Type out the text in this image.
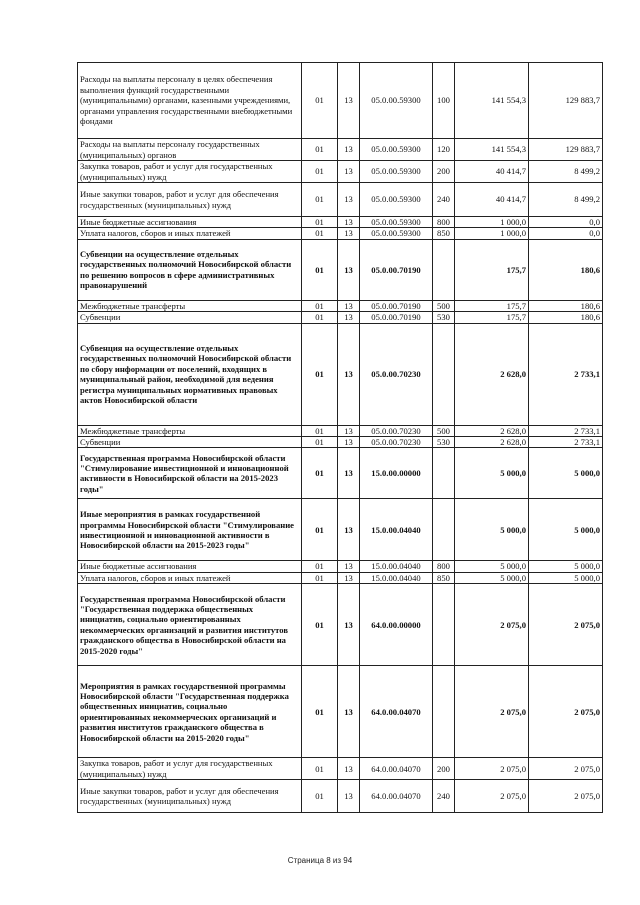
Расходы на выплаты персоналу в целях обеспечения выполнения функций государственными (муниципальными) органами, казенными учреждениями, органами управления государственными внебюджетными фондами	01	13	05.0.00.59300	100	141 554,3	129 883,7
Расходы на выплаты персоналу государственных (муниципальных) органов	01	13	05.0.00.59300	120	141 554,3	129 883,7
Закупка товаров, работ и услуг для государственных (муниципальных) нужд	01	13	05.0.00.59300	200	40 414,7	8 499,2
Иные закупки товаров, работ и услуг для обеспечения государственных (муниципальных) нужд	01	13	05.0.00.59300	240	40 414,7	8 499,2
Иные бюджетные ассигнования	01	13	05.0.00.59300	800	1 000,0	0,0
Уплата налогов, сборов и иных платежей	01	13	05.0.00.59300	850	1 000,0	0,0
Субвенции на осуществление отдельных государственных полномочий Новосибирской области по решению вопросов в сфере административных правонарушений	01	13	05.0.00.70190		175,7	180,6
Межбюджетные трансферты	01	13	05.0.00.70190	500	175,7	180,6
Субвенции	01	13	05.0.00.70190	530	175,7	180,6
Субвенция на осуществление отдельных государственных полномочий Новосибирской области по сбору информации от поселений, входящих в муниципальный район, необходимой для ведения регистра муниципальных нормативных правовых актов Новосибирской области	01	13	05.0.00.70230		2 628,0	2 733,1
Межбюджетные трансферты	01	13	05.0.00.70230	500	2 628,0	2 733,1
Субвенции	01	13	05.0.00.70230	530	2 628,0	2 733,1
Государственная программа Новосибирской области "Стимулирование инвестиционной и инновационной активности в Новосибирской области на 2015-2023 годы"	01	13	15.0.00.00000		5 000,0	5 000,0
Иные мероприятия в рамках государственной программы Новосибирской области "Стимулирование инвестиционной и инновационной активности в Новосибирской области на 2015-2023 годы"	01	13	15.0.00.04040		5 000,0	5 000,0
Иные бюджетные ассигнования	01	13	15.0.00.04040	800	5 000,0	5 000,0
Уплата налогов, сборов и иных платежей	01	13	15.0.00.04040	850	5 000,0	5 000,0
Государственная программа Новосибирской области "Государственная поддержка общественных инициатив, социально ориентированных некоммерческих организаций и развития институтов гражданского общества в Новосибирской области на 2015-2020 годы"	01	13	64.0.00.00000		2 075,0	2 075,0
Мероприятия в рамках государственной программы Новосибирской области "Государственная поддержка общественных инициатив, социально ориентированных некоммерческих организаций и развития институтов гражданского общества в Новосибирской области на 2015-2020 годы"	01	13	64.0.00.04070		2 075,0	2 075,0
Закупка товаров, работ и услуг для государственных (муниципальных) нужд	01	13	64.0.00.04070	200	2 075,0	2 075,0
Иные закупки товаров, работ и услуг для обеспечения государственных (муниципальных) нужд	01	13	64.0.00.04070	240	2 075,0	2 075,0
Страница 8 из 94
